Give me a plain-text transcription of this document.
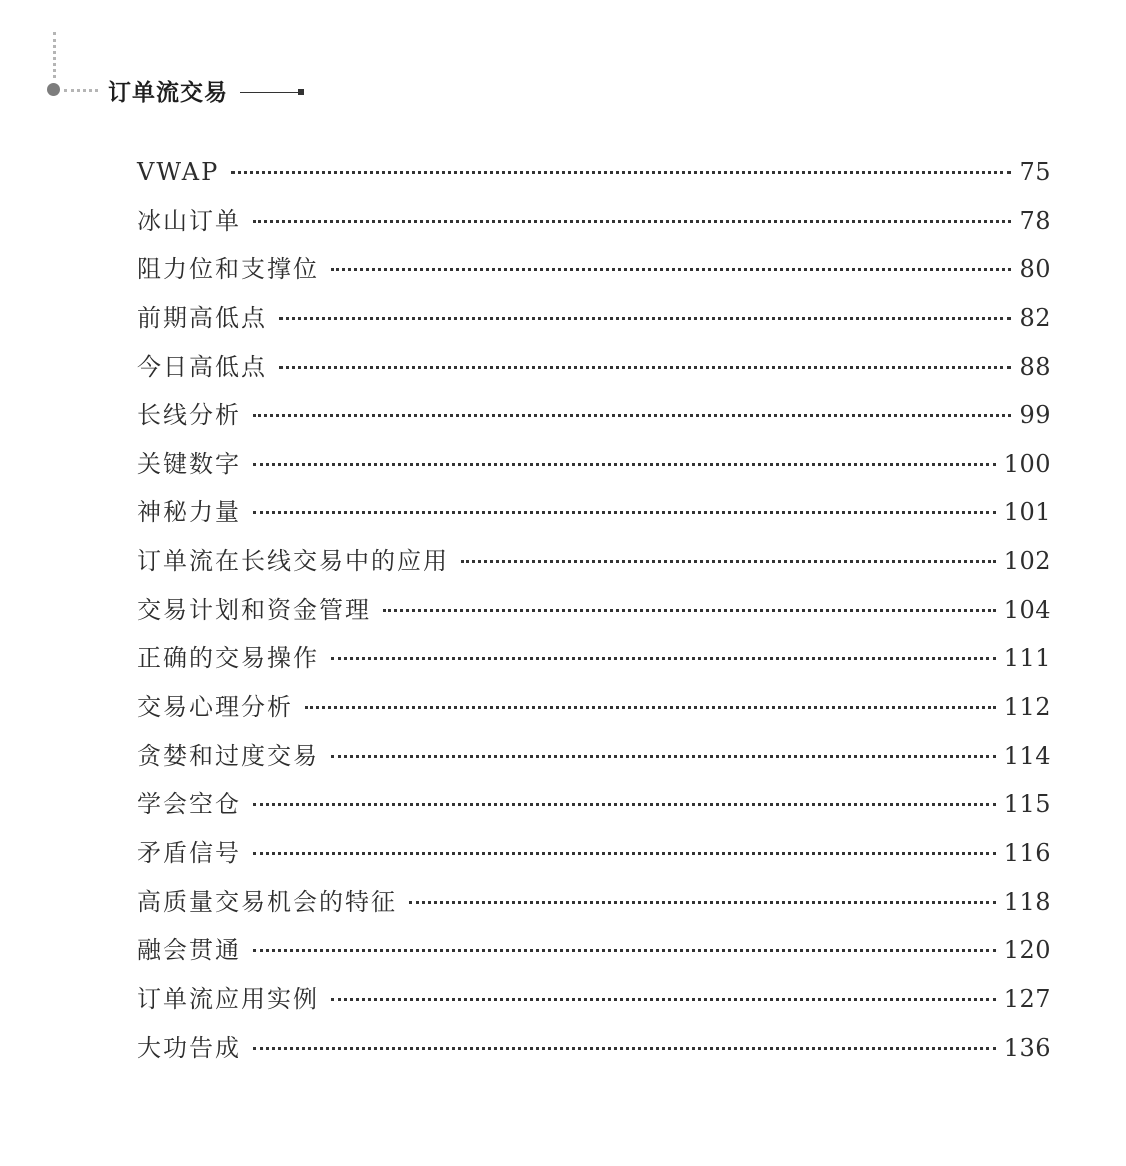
订单流交易
VWAP	75
冰山订单	78
阻力位和支撑位	80
前期高低点	82
今日高低点	88
长线分析	99
关键数字	100
神秘力量	101
订单流在长线交易中的应用	102
交易计划和资金管理	104
正确的交易操作	111
交易心理分析	112
贪婪和过度交易	114
学会空仓	115
矛盾信号	116
高质量交易机会的特征	118
融会贯通	120
订单流应用实例	127
大功告成	136
